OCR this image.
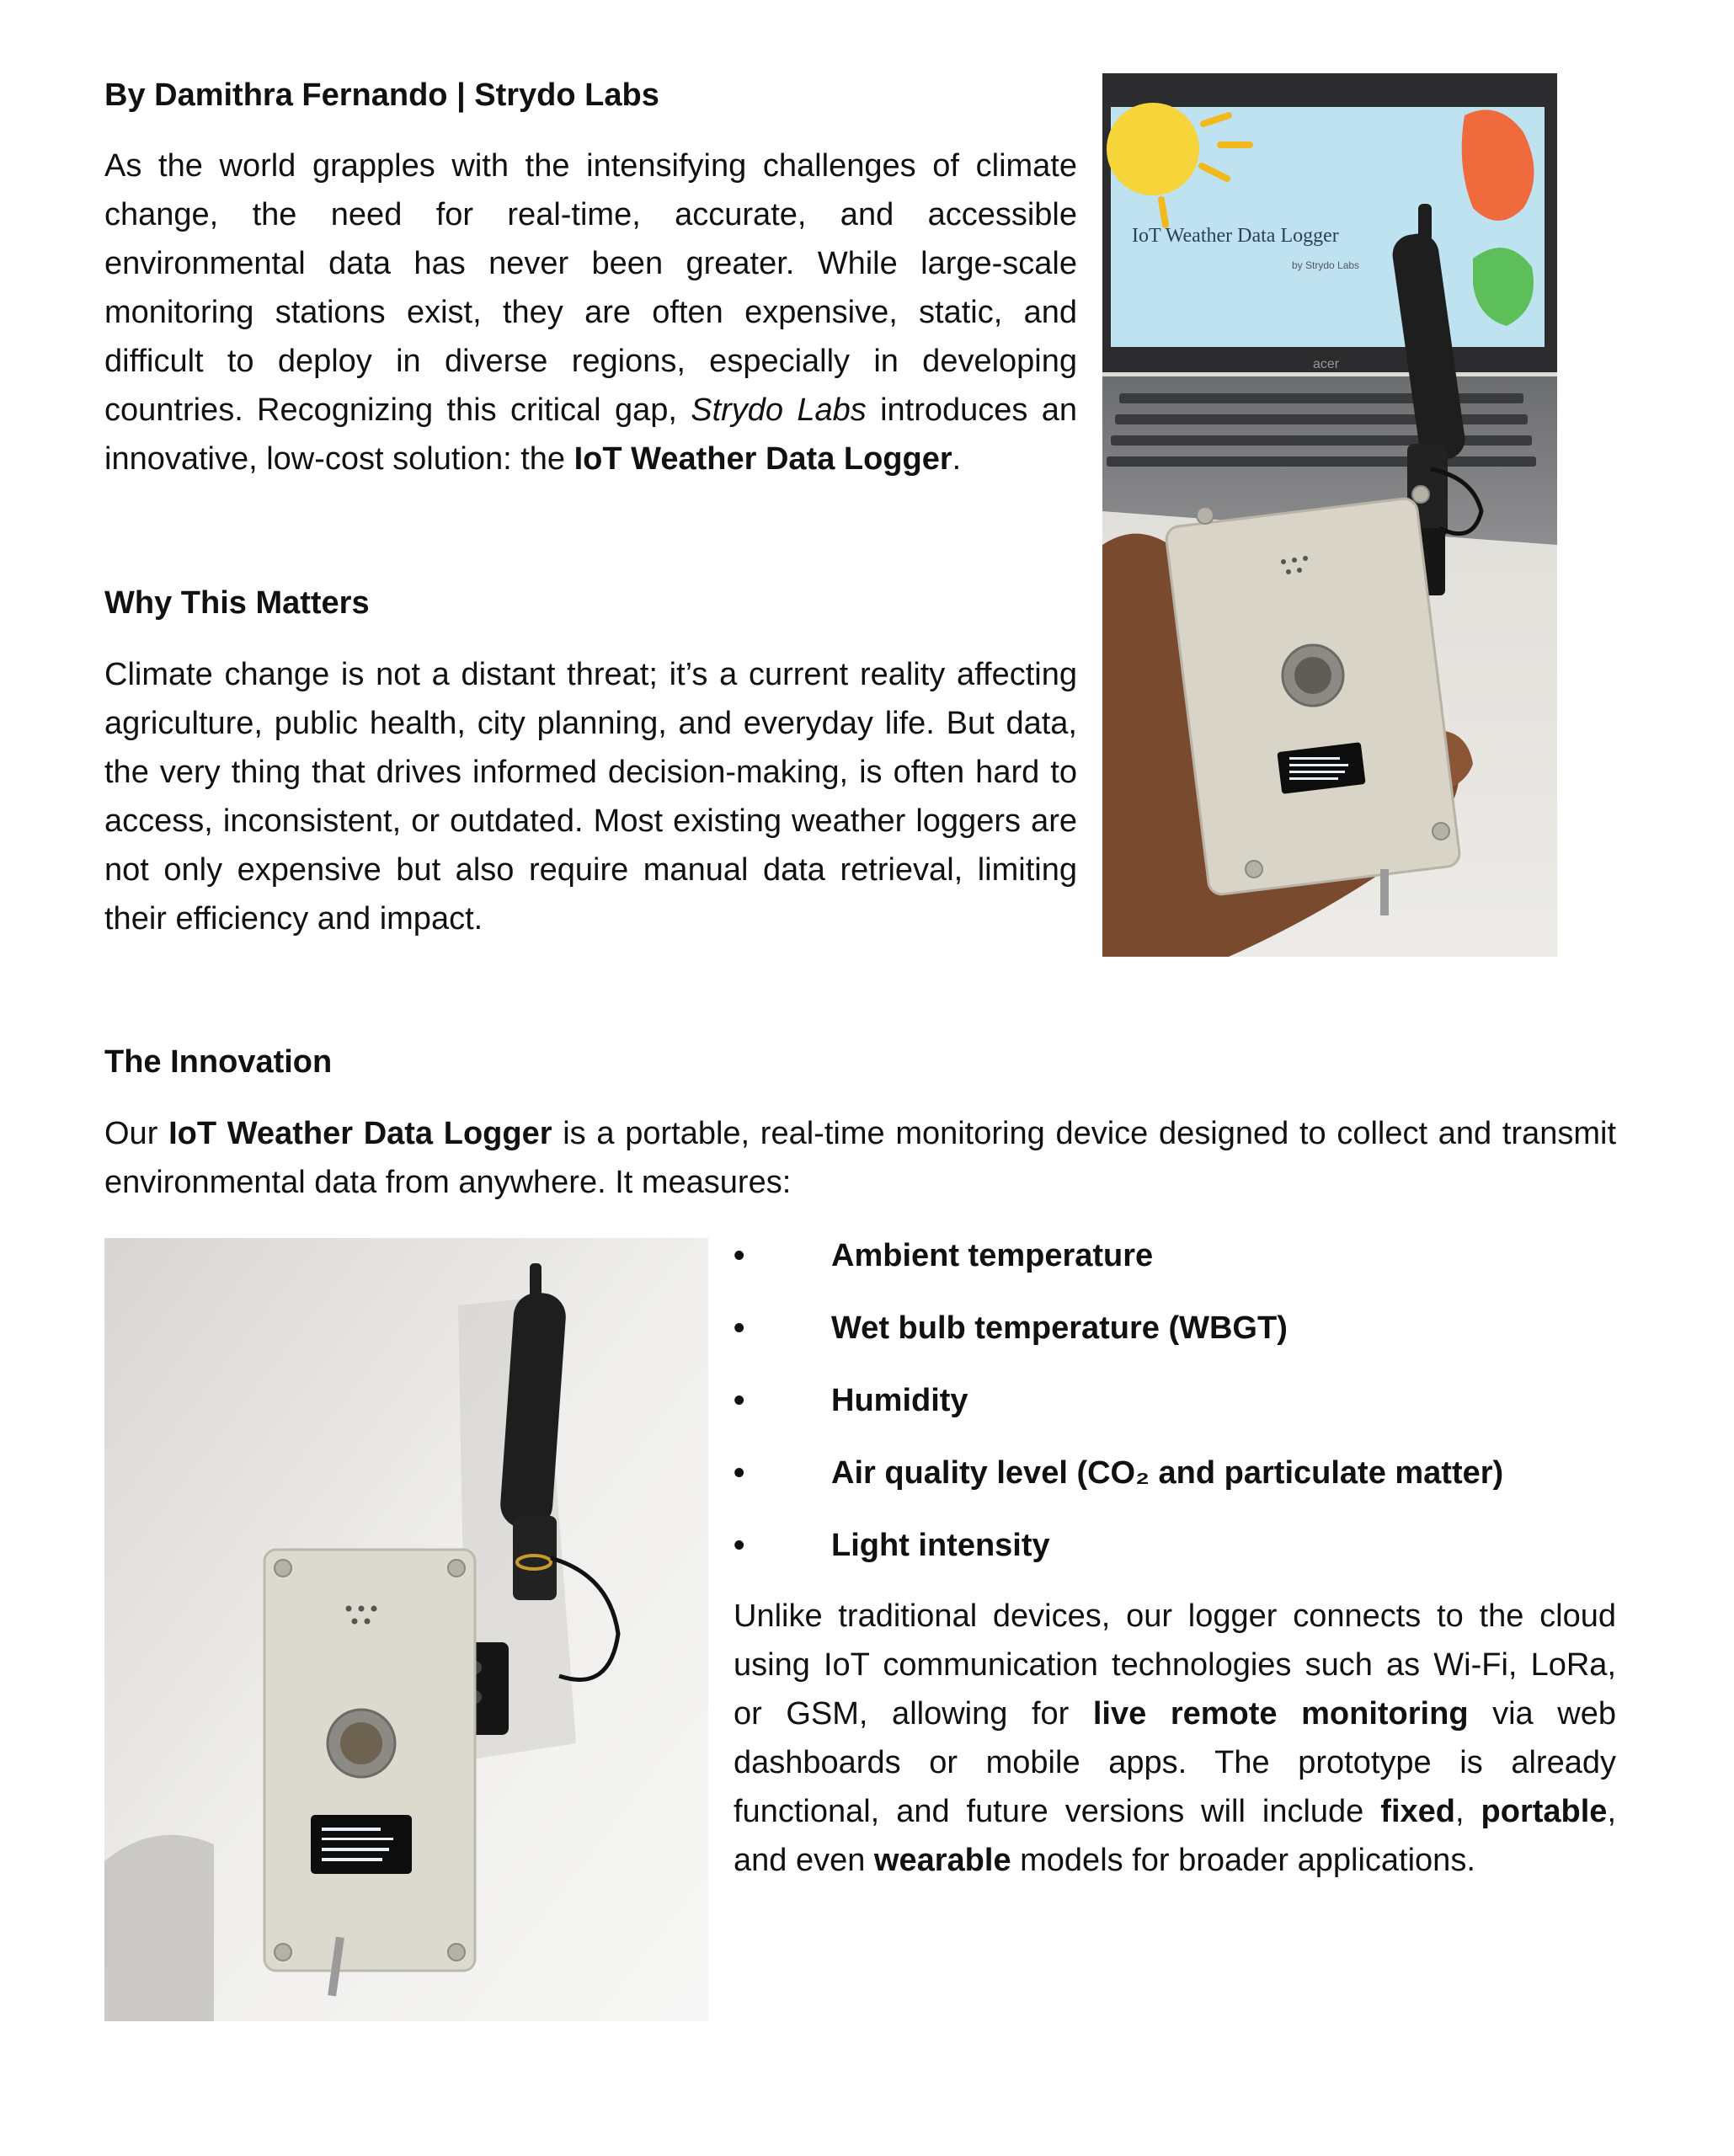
By Damithra Fernando | Strydo Labs

As the world grapples with the intensifying challenges of climate change, the need for real-time, accurate, and accessible environmental data has never been greater. While large-scale monitoring stations exist, they are often expensive, static, and difficult to deploy in diverse regions, especially in developing countries. Recognizing this critical gap, Strydo Labs introduces an innovative, low-cost solution: the IoT Weather Data Logger.

Why This Matters

Climate change is not a distant threat; it’s a current reality affecting agriculture, public health, city planning, and everyday life. But data, the very thing that drives informed decision-making, is often hard to access, inconsistent, or outdated. Most existing weather loggers are not only expensive but also require manual data retrieval, limiting their efficiency and impact.

The Innovation

Our IoT Weather Data Logger is a portable, real-time monitoring device designed to collect and transmit environmental data from anywhere. It measures:

•	Ambient temperature
•	Wet bulb temperature (WBGT)
•	Humidity
•	Air quality level (CO₂ and particulate matter)
•	Light intensity

Unlike traditional devices, our logger connects to the cloud using IoT communication technologies such as Wi-Fi, LoRa, or GSM, allowing for live remote monitoring via web dashboards or mobile apps. The prototype is already functional, and future versions will include fixed, portable, and even wearable models for broader applications.

IoT Weather Data Logger
by Strydo Labs
acer
